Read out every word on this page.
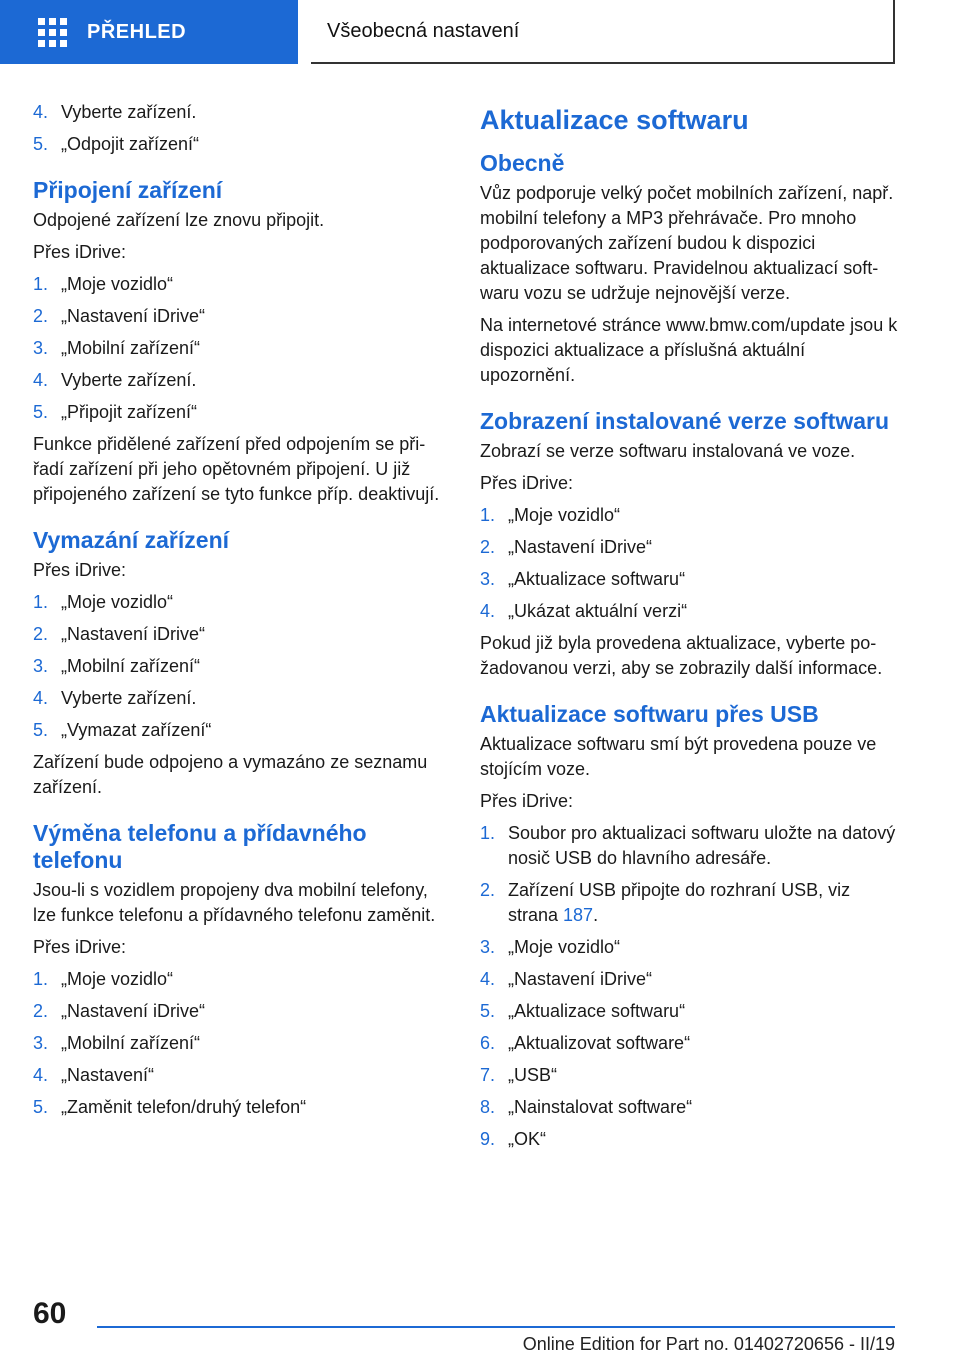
PŘEHLED	Všeobecná nastavení
4. Vyberte zařízení.
5. „Odpojit zařízení“
Připojení zařízení

Odpojené zařízení lze znovu připojit.

Přes iDrive:

1. „Moje vozidlo“
2. „Nastavení iDrive“
3. „Mobilní zařízení“
4. Vyberte zařízení.
5. „Připojit zařízení“

Funkce přidělené zařízení před odpojením se přiřadí zařízení při jeho opětovném připojení. U již připojeného zařízení se tyto funkce příp. deaktivují.

Vymazání zařízení

Přes iDrive:

1. „Moje vozidlo“
2. „Nastavení iDrive“
3. „Mobilní zařízení“
4. Vyberte zařízení.
5. „Vymazat zařízení“

Zařízení bude odpojeno a vymazáno ze seznamu zařízení.

Výměna telefonu a přídavného telefonu

Jsou-li s vozidlem propojeny dva mobilní telefony, lze funkce telefonu a přídavného telefonu zaměnit.

Přes iDrive:

1. „Moje vozidlo“
2. „Nastavení iDrive“
3. „Mobilní zařízení“
4. „Nastavení“
5. „Zaměnit telefon/druhý telefon“
Aktualizace softwaru
Obecně

Vůz podporuje velký počet mobilních zařízení, např. mobilní telefony a MP3 přehrávače. Pro mnoho podporovaných zařízení budou k dispozici aktualizace softwaru. Pravidelnou aktualizací softwaru vozu se udržuje nejnovější verze.

Na internetové stránce www.bmw.com/update jsou k dispozici aktualizace a příslušná aktuální upozornění.

Zobrazení instalované verze softwaru

Zobrazí se verze softwaru instalovaná ve voze.

Přes iDrive:

1. „Moje vozidlo“
2. „Nastavení iDrive“
3. „Aktualizace softwaru“
4. „Ukázat aktuální verzi“

Pokud již byla provedena aktualizace, vyberte požadovanou verzi, aby se zobrazily další informace.

Aktualizace softwaru přes USB

Aktualizace softwaru smí být provedena pouze ve stojícím voze.

Přes iDrive:

1. Soubor pro aktualizaci softwaru uložte na datový nosič USB do hlavního adresáře.
2. Zařízení USB připojte do rozhraní USB, viz strana 187.
3. „Moje vozidlo“
4. „Nastavení iDrive“
5. „Aktualizace softwaru“
6. „Aktualizovat software“
7. „USB“
8. „Nainstalovat software“
9. „OK“
60
Online Edition for Part no. 01402720656 - II/19
